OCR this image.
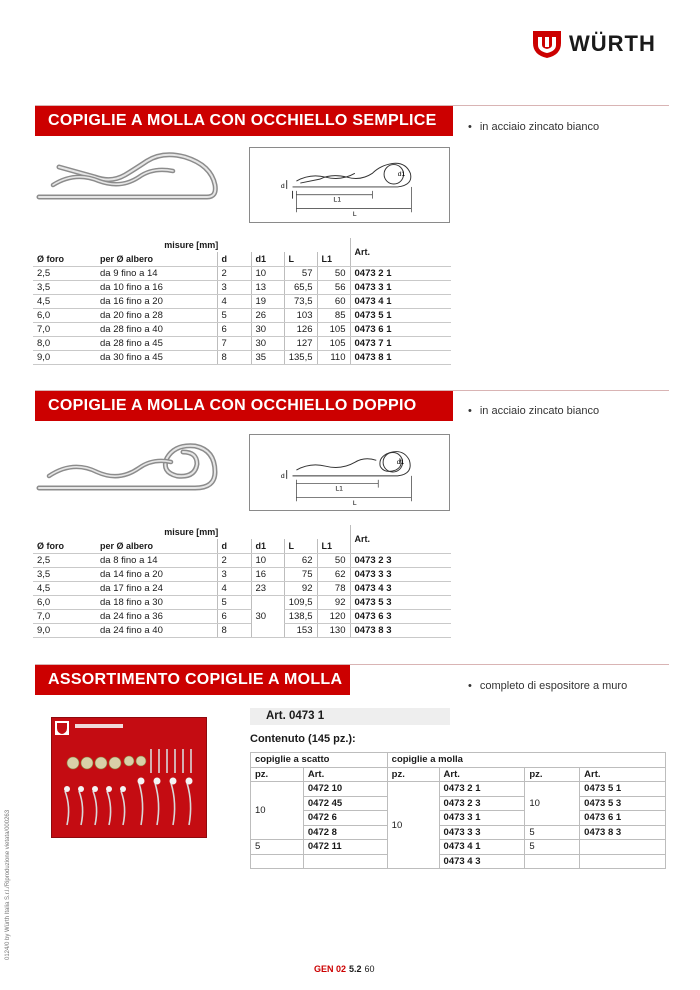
WÜRTH
COPIGLIE A MOLLA CON OCCHIELLO SEMPLICE	• in acciaio zincato bianco
d
d1
L1
L
misure [mm]						Art.
Ø foro	per Ø albero	d	d1	L	L1	
2,5	da 9 fino a 14	2	10	57	50	0473 2 1
3,5	da 10 fino a 16	3	13	65,5	56	0473 3 1
4,5	da 16 fino a 20	4	19	73,5	60	0473 4 1
6,0	da 20 fino a 28	5	26	103	85	0473 5 1
7,0	da 28 fino a 40	6	30	126	105	0473 6 1
8,0	da 28 fino a 45	7	30	127	105	0473 7 1
9,0	da 30 fino a 45	8	35	135,5	110	0473 8 1
COPIGLIE A MOLLA CON OCCHIELLO DOPPIO	• in acciaio zincato bianco
d
d1
L1
L
misure [mm]						Art.
Ø foro	per Ø albero	d	d1	L	L1	
2,5	da 8 fino a 14	2	10	62	50	0473 2 3
3,5	da 14 fino a 20	3	16	75	62	0473 3 3
4,5	da 17 fino a 24	4	23	92	78	0473 4 3
6,0	da 18 fino a 30	5	30	109,5	92	0473 5 3
7,0	da 24 fino a 36	6		138,5	120	0473 6 3
9,0	da 24 fino a 40	8		153	130	0473 8 3
ASSORTIMENTO COPIGLIE A MOLLA	• completo di espositore a muro
Art. 0473 1
Contenuto (145 pz.):
copiglie a scatto		copiglie a molla			
pz.	Art.	pz.	Art.	pz.	Art.
10	0472 10	10	0473 2 1	10	0473 5 1
	0472 45		0473 2 3		0473 5 3
	0472 6		0473 3 1		0473 6 1
	0472 8		0473 3 3	5	0473 8 3
5	0472 11		0473 4 1	5	
			0473 4 3		
0124/0 by Würth Italia S.r.l./Riproduzione vietata/000263
GEN 02 5.2 60
